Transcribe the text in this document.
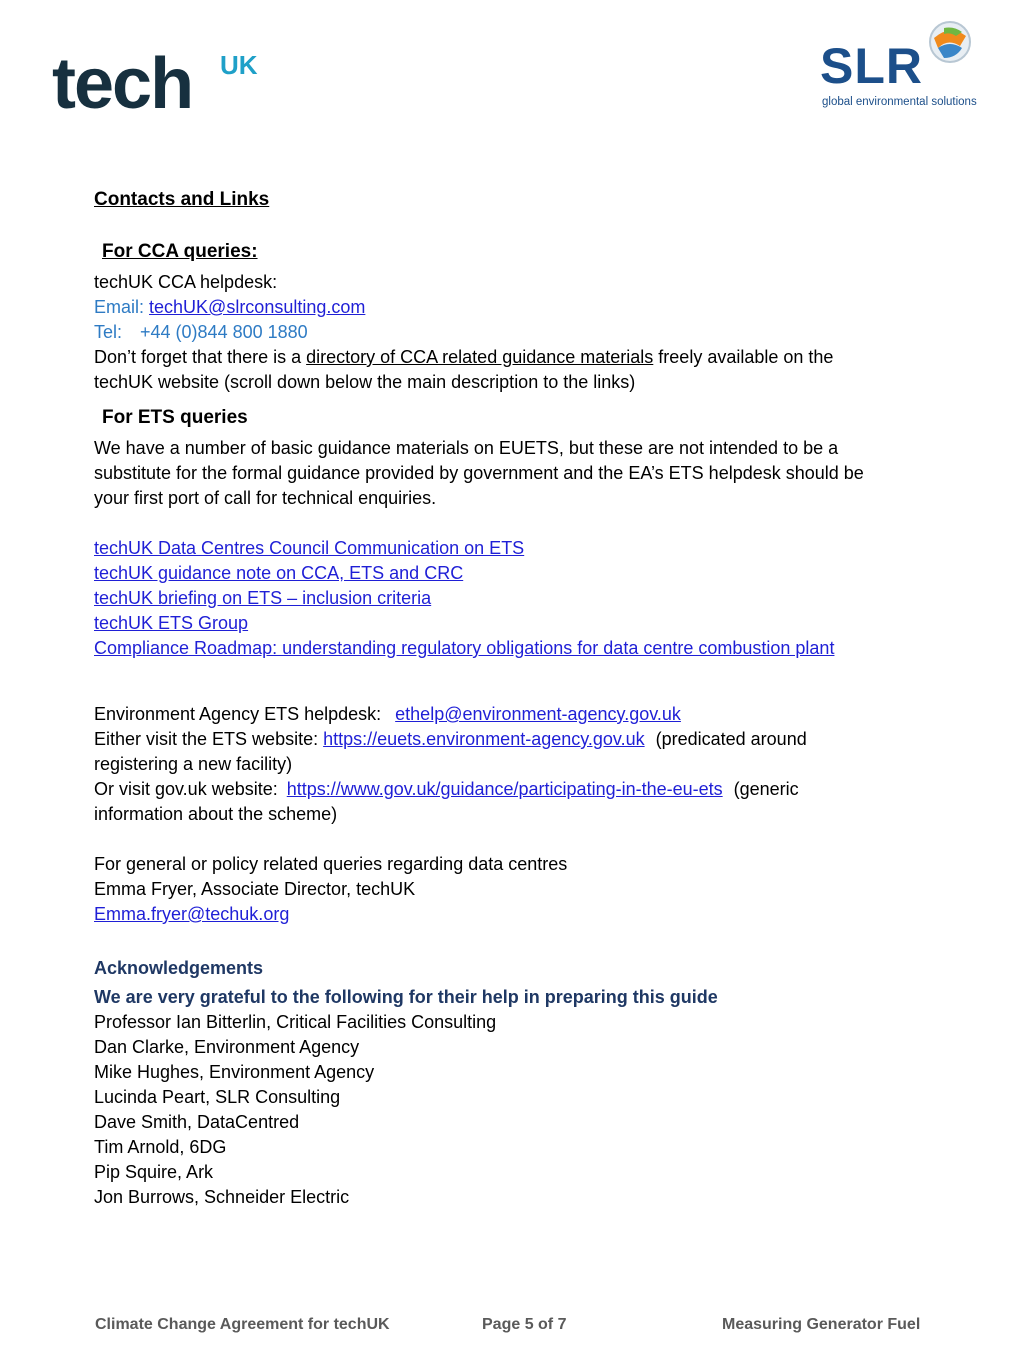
tech UK	SLR
global environmental solutions

Contacts and Links

For CCA queries:

techUK CCA helpdesk:

Email: techUK@slrconsulting.com

Tel: +44 (0)844 800 1880

Don’t forget that there is a directory of CCA related guidance materials freely available on the

techUK website (scroll down below the main description to the links)

For ETS queries

We have a number of basic guidance materials on EUETS, but these are not intended to be a

substitute for the formal guidance provided by government and the EA’s ETS helpdesk should be

your first port of call for technical enquiries.

techUK Data Centres Council Communication on ETS
techUK guidance note on CCA, ETS and CRC
techUK briefing on ETS – inclusion criteria
techUK ETS Group
Compliance Roadmap: understanding regulatory obligations for data centre combustion plant

Environment Agency ETS helpdesk: ethelp@environment-agency.gov.uk

Either visit the ETS website: https://euets.environment-agency.gov.uk (predicated around

registering a new facility)

Or visit gov.uk website: https://www.gov.uk/guidance/participating-in-the-eu-ets (generic

information about the scheme)

For general or policy related queries regarding data centres

Emma Fryer, Associate Director, techUK

Emma.fryer@techuk.org

Acknowledgements

We are very grateful to the following for their help in preparing this guide

Professor Ian Bitterlin, Critical Facilities Consulting

Dan Clarke, Environment Agency

Mike Hughes, Environment Agency

Lucinda Peart, SLR Consulting

Dave Smith, DataCentred

Tim Arnold, 6DG

Pip Squire, Ark

Jon Burrows, Schneider Electric

Climate Change Agreement for techUK	Page 5 of 7	Measuring Generator Fuel
